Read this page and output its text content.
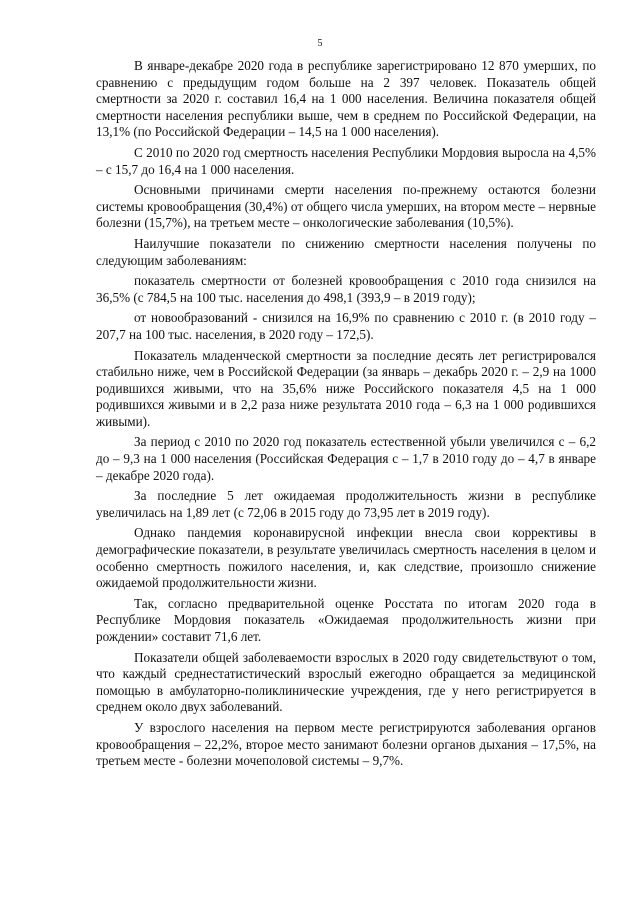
5

В январе-декабре 2020 года в республике зарегистрировано 12 870 умерших, по сравнению с предыдущим годом больше на 2 397 человек. Показатель общей смертности за 2020 г. составил 16,4 на 1 000 населения. Величина показателя общей смертности населения республики выше, чем в среднем по Российской Федерации, на 13,1% (по Российской Федерации – 14,5 на 1 000 населения).

С 2010 по 2020 год смертность населения Республики Мордовия выросла на 4,5% – с 15,7 до 16,4 на 1 000 населения.

Основными причинами смерти населения по-прежнему остаются болезни системы кровообращения (30,4%) от общего числа умерших, на втором месте – нервные болезни (15,7%), на третьем месте – онкологические заболевания (10,5%).

Наилучшие показатели по снижению смертности населения получены по следующим заболеваниям:

показатель смертности от болезней кровообращения с 2010 года снизился на 36,5% (с 784,5 на 100 тыс. населения до 498,1 (393,9 – в 2019 году);

от новообразований - снизился на 16,9% по сравнению с 2010 г. (в 2010 году – 207,7 на 100 тыс. населения, в 2020 году – 172,5).

Показатель младенческой смертности за последние десять лет регистрировался стабильно ниже, чем в Российской Федерации (за январь – декабрь 2020 г. – 2,9 на 1000 родившихся живыми, что на 35,6% ниже Российского показателя 4,5 на 1 000 родившихся живыми и в 2,2 раза ниже результата 2010 года – 6,3 на 1 000 родившихся живыми).

За период с 2010 по 2020 год показатель естественной убыли увеличился с – 6,2 до – 9,3 на 1 000 населения (Российская Федерация с – 1,7 в 2010 году до – 4,7 в январе – декабре 2020 года).

За последние 5 лет ожидаемая продолжительность жизни в республике увеличилась на 1,89 лет (с 72,06 в 2015 году до 73,95 лет в 2019 году).

Однако пандемия коронавирусной инфекции внесла свои коррективы в демографические показатели, в результате увеличилась смертность населения в целом и особенно смертность пожилого населения, и, как следствие, произошло снижение ожидаемой продолжительности жизни.

Так, согласно предварительной оценке Росстата по итогам 2020 года в Республике Мордовия показатель «Ожидаемая продолжительность жизни при рождении» составит 71,6 лет.

Показатели общей заболеваемости взрослых в 2020 году свидетельствуют о том, что каждый среднестатистический взрослый ежегодно обращается за медицинской помощью в амбулаторно-поликлинические учреждения, где у него регистрируется в среднем около двух заболеваний.

У взрослого населения на первом месте регистрируются заболевания органов кровообращения – 22,2%, второе место занимают болезни органов дыхания – 17,5%, на третьем месте - болезни мочеполовой системы – 9,7%.
